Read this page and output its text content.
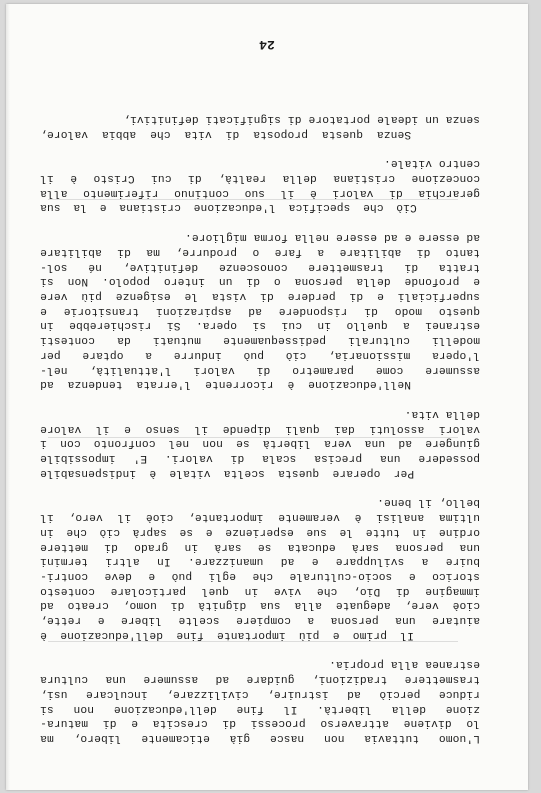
L'uomo tuttavia non nasce già eticamente libero, ma
lo diviene attraverso processi di crescita e di matura-
zione della libertà. Il fine dell'educazione non si
riduce perciò ad istruire, civilizzare, inculcare usi,
trasmettere tradizioni, guidare ad assumere una cultura
estranea alla propria.
Il primo e più importante fine dell'educazione è
aiutare una persona a compiere scelte libere e rette,
cioè vere, adeguate alla sua dignità di uomo, creato ad
immagine di Dio, che vive in quel particolare contesto
storico e socio-culturale che egli può e deve contri-
buire a sviluppare e ad umanizzare. In altri termini
una persona sarà educata se sarà in grado di mettere
ordine in tutte le sue esperienze e se saprà ciò che in
ultima analisi è veramente importante, cioè il vero, il
bello, il bene.
Per operare questa scelta vitale è indispensabile
possedere una precisa scala di valori. E' impossibile
giungere ad una vera libertà se non nel confronto con i
valori assoluti dai quali dipende il senso e il valore
della vita.
Nell'educazione è ricorrente l'errata tendenza ad
assumere come parametro di valori l'attualità, nel-
l'opera missionaria, ciò può indurre a optare per
modelli culturali pedissequamente mutuati da contesti
estranei a quello in cui si opera. Si rischierebbe in
questo modo di rispondere ad aspirazioni transitorie e
superficiali e di perdere di vista le esigenze più vere
e profonde della persona o di un intero popolo. Non si
tratta di trasmettere conoscenze definitive, né sol-
tanto di abilitare a fare o produrre, ma di abilitare
ad essere e ad essere nella forma migliore.
Ciò che specifica l'educazione cristiana e la sua
gerarchia di valori è il suo continuo riferimento alla
concezione cristiana della realtà, di cui Cristo è il
centro vitale.
Senza questa proposta di vita che abbia valore,
senza un ideale portatore di significati definitivi,
24
